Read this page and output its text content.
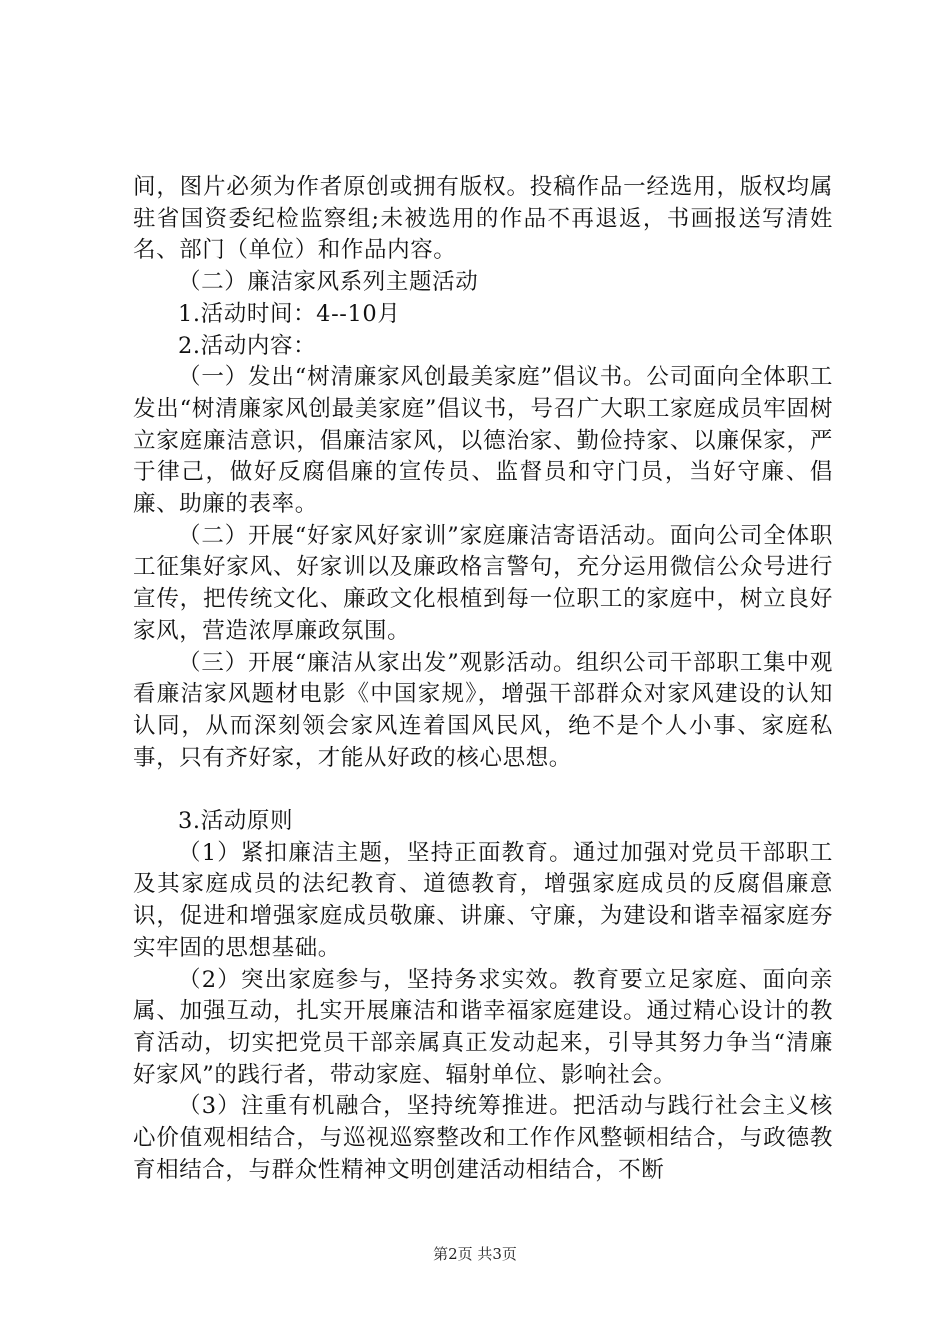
间，图片必须为作者原创或拥有版权。投稿作品一经选用，版权均属驻省国资委纪检监察组;未被选用的作品不再退返，书画报送写清姓名、部门（单位）和作品内容。

（二）廉洁家风系列主题活动

1.活动时间：4--10月

2.活动内容：

（一）发出“树清廉家风创最美家庭”倡议书。公司面向全体职工发出“树清廉家风创最美家庭”倡议书，号召广大职工家庭成员牢固树立家庭廉洁意识，倡廉洁家风，以德治家、勤俭持家、以廉保家，严于律己，做好反腐倡廉的宣传员、监督员和守门员，当好守廉、倡廉、助廉的表率。

（二）开展“好家风好家训”家庭廉洁寄语活动。面向公司全体职工征集好家风、好家训以及廉政格言警句，充分运用微信公众号进行宣传，把传统文化、廉政文化根植到每一位职工的家庭中，树立良好家风，营造浓厚廉政氛围。

（三）开展“廉洁从家出发”观影活动。组织公司干部职工集中观看廉洁家风题材电影《中国家规》，增强干部群众对家风建设的认知认同，从而深刻领会家风连着国风民风，绝不是个人小事、家庭私事，只有齐好家，才能从好政的核心思想。

3.活动原则

（1）紧扣廉洁主题，坚持正面教育。通过加强对党员干部职工及其家庭成员的法纪教育、道德教育，增强家庭成员的反腐倡廉意识，促进和增强家庭成员敬廉、讲廉、守廉，为建设和谐幸福家庭夯实牢固的思想基础。

（2）突出家庭参与，坚持务求实效。教育要立足家庭、面向亲属、加强互动，扎实开展廉洁和谐幸福家庭建设。通过精心设计的教育活动，切实把党员干部亲属真正发动起来，引导其努力争当“清廉好家风”的践行者，带动家庭、辐射单位、影响社会。

（3）注重有机融合，坚持统筹推进。把活动与践行社会主义核心价值观相结合，与巡视巡察整改和工作作风整顿相结合，与政德教育相结合，与群众性精神文明创建活动相结合，不断

第2页 共3页
